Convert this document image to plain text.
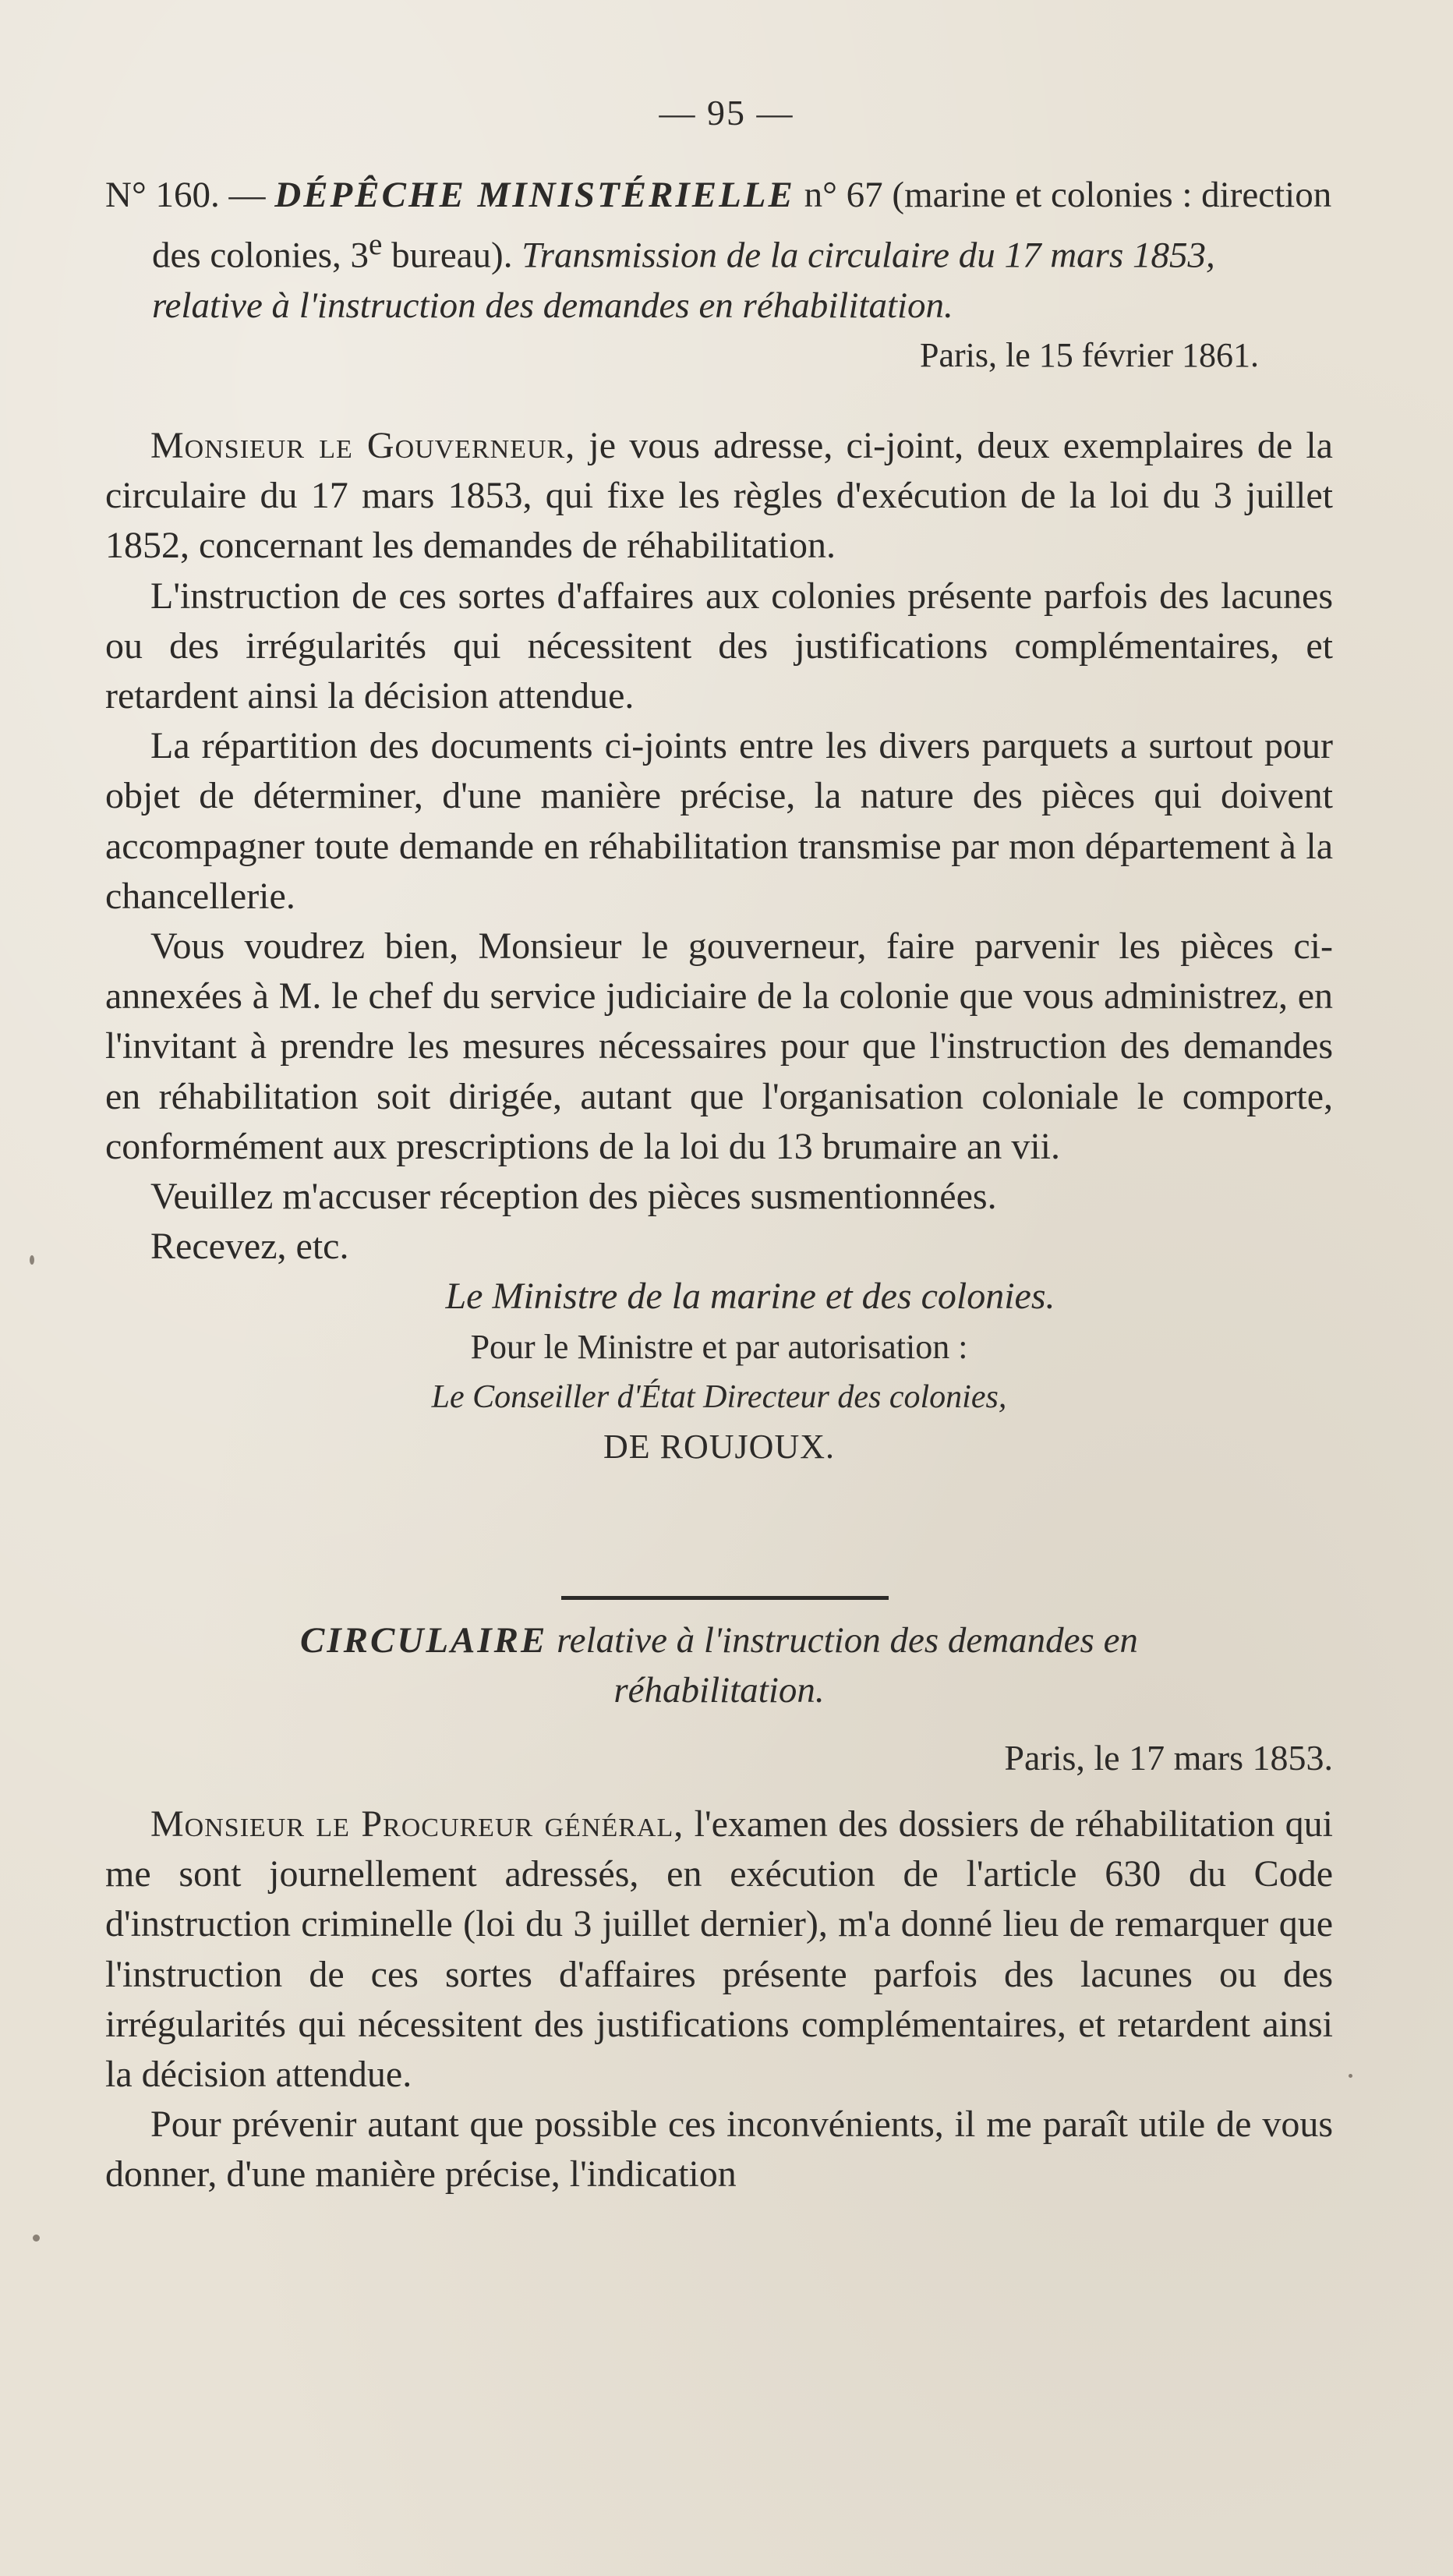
— 95 —

N° 160. — DÉPÊCHE MINISTÉRIELLE n° 67 (marine et colonies : direction des colonies, 3e bureau). Transmission de la circulaire du 17 mars 1853, relative à l'instruction des demandes en réhabilitation.

Paris, le 15 février 1861.

Monsieur le Gouverneur, je vous adresse, ci-joint, deux exemplaires de la circulaire du 17 mars 1853, qui fixe les règles d'exécution de la loi du 3 juillet 1852, concernant les demandes de réhabilitation.

L'instruction de ces sortes d'affaires aux colonies présente parfois des lacunes ou des irrégularités qui nécessitent des justifications complémentaires, et retardent ainsi la décision attendue.

La répartition des documents ci-joints entre les divers parquets a surtout pour objet de déterminer, d'une manière précise, la nature des pièces qui doivent accompagner toute demande en réhabilitation transmise par mon département à la chancellerie.

Vous voudrez bien, Monsieur le gouverneur, faire parvenir les pièces ci-annexées à M. le chef du service judiciaire de la colonie que vous administrez, en l'invitant à prendre les mesures nécessaires pour que l'instruction des demandes en réhabilitation soit dirigée, autant que l'organisation coloniale le comporte, conformément aux prescriptions de la loi du 13 brumaire an vii.

Veuillez m'accuser réception des pièces susmentionnées.

Recevez, etc.

Le Ministre de la marine et des colonies.

Pour le Ministre et par autorisation :

Le Conseiller d'État Directeur des colonies,

DE ROUJOUX.

CIRCULAIRE relative à l'instruction des demandes en

réhabilitation.

Paris, le 17 mars 1853.

Monsieur le Procureur général, l'examen des dossiers de réhabilitation qui me sont journellement adressés, en exécution de l'article 630 du Code d'instruction criminelle (loi du 3 juillet dernier), m'a donné lieu de remarquer que l'instruction de ces sortes d'affaires présente parfois des lacunes ou des irrégularités qui nécessitent des justifications complémentaires, et retardent ainsi la décision attendue.

Pour prévenir autant que possible ces inconvénients, il me paraît utile de vous donner, d'une manière précise, l'indication
